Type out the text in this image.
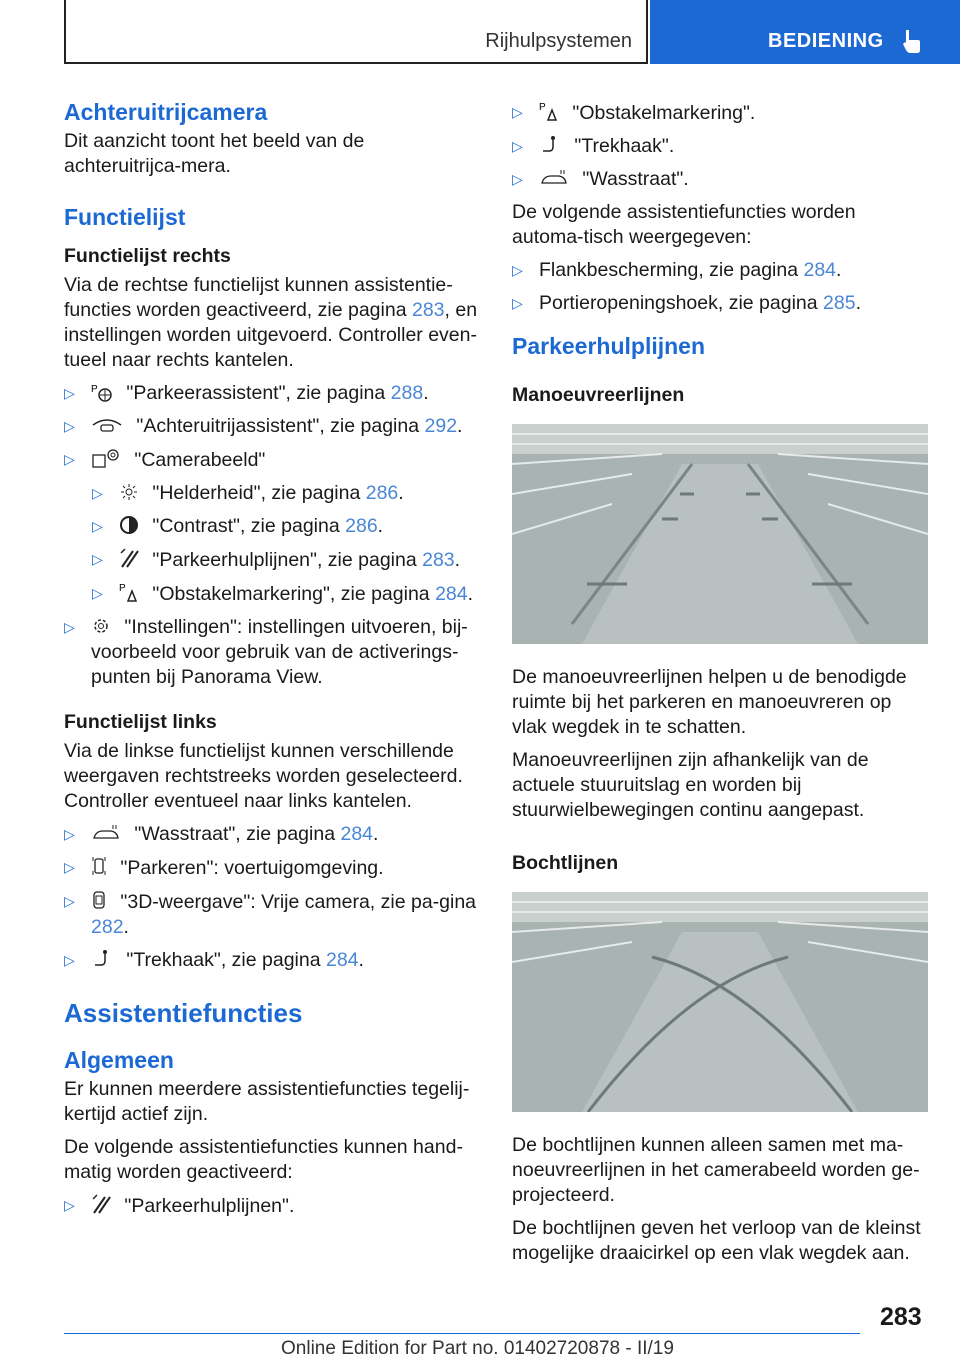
Rijhulpsystemen	BEDIENING
Achteruitrijcamera

Dit aanzicht toont het beeld van de achteruitrijca-mera.

Functielijst
Functielijst rechts

Via de rechtse functielijst kunnen assistentie-functies worden geactiveerd, zie pagina 283, en instellingen worden uitgevoerd. Controller even-tueel naar rechts kantelen.

▷ P "Parkeerassistent", zie pagina 288.
▷	"Achteruitrijassistent", zie pagina 292.
▷	"Camerabeeld"
▷	"Helderheid", zie pagina 286.
▷	"Contrast", zie pagina 286.
▷	"Parkeerhulplijnen", zie pagina 283.
▷ P "Obstakelmarkering", zie pagina 284.
▷	"Instellingen": instellingen uitvoeren, bij-voorbeeld voor gebruik van de activerings-punten bij Panorama View.
Functielijst links

Via de linkse functielijst kunnen verschillende weergaven rechtstreeks worden geselecteerd. Controller eventueel naar links kantelen.

▷	"Wasstraat", zie pagina 284.
▷ "Parkeren": voertuigomgeving.
▷ "3D-weergave": Vrije camera, zie pa-gina 282.
▷	"Trekhaak", zie pagina 284.
Assistentiefuncties
Algemeen

Er kunnen meerdere assistentiefuncties tegelij-kertijd actief zijn.

De volgende assistentiefuncties kunnen hand-matig worden geactiveerd:

▷	"Parkeerhulplijnen".
▷ P "Obstakelmarkering".
▷	"Trekhaak".
▷	"Wasstraat".

De volgende assistentiefuncties worden automa-tisch weergegeven:

▷ Flankbescherming, zie pagina 284.
▷ Portieropeningshoek, zie pagina 285.
Parkeerhulplijnen
Manoeuvreerlijnen

De manoeuvreerlijnen helpen u de benodigde ruimte bij het parkeren en manoeuvreren op vlak wegdek in te schatten.

Manoeuvreerlijnen zijn afhankelijk van de actuele stuuruitslag en worden bij stuurwielbewegingen continu aangepast.

Bochtlijnen

De bochtlijnen kunnen alleen samen met ma-noeuvreerlijnen in het camerabeeld worden ge-projecteerd.

De bochtlijnen geven het verloop van de kleinst mogelijke draaicirkel op een vlak wegdek aan.

283
Online Edition for Part no. 01402720878 - II/19
